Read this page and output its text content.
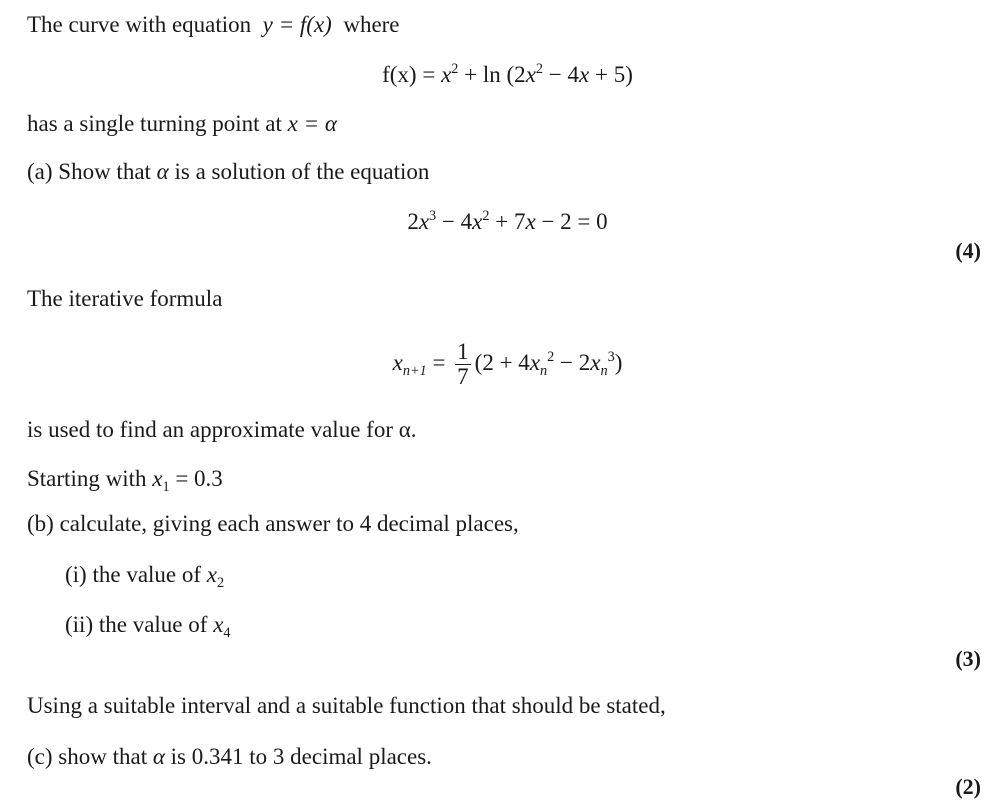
The curve with equation y = f(x) where
$f(x) = x^2 + \ln (2x^2 - 4x + 5)$
has a single turning point at x = α
(a) Show that α is a solution of the equation
$2x^3 - 4x^2 + 7x - 2 = 0$
(4)
The iterative formula
$x_{n+1} = \frac{1}{7} (2 + 4x_n^2 - 2x_n^3)$
is used to find an approximate value for α.
Starting with $x_1 = 0.3$
(b) calculate, giving each answer to 4 decimal places,
(i) the value of $x_2$
(ii) the value of $x_4$
(3)
Using a suitable interval and a suitable function that should be stated,
(c) show that α is 0.341 to 3 decimal places.
(2)
